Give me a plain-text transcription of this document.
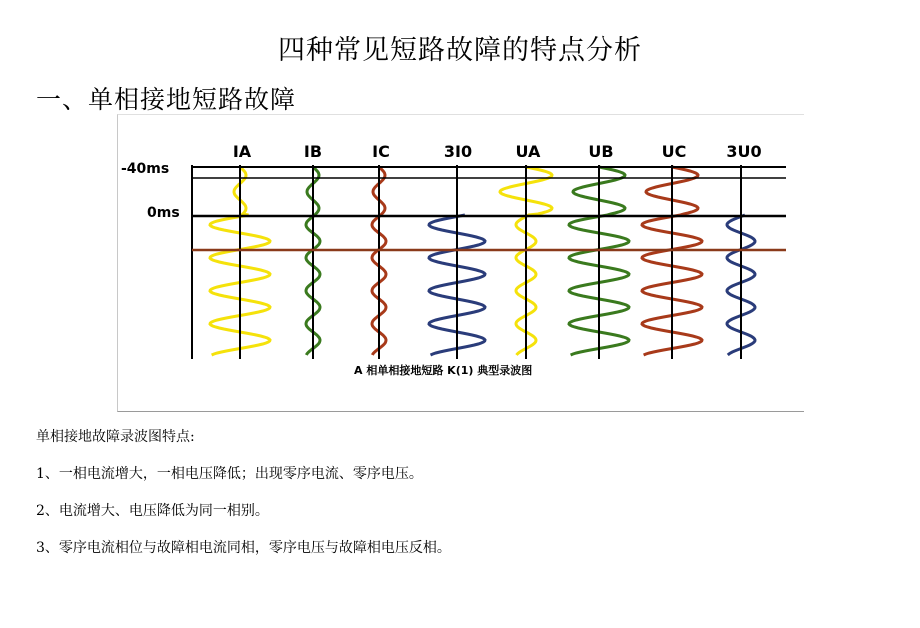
四种常见短路故障的特点分析
一、单相接地短路故障
IA	IB	IC	3I0	UA	UB	UC	3U0
-40ms
0ms
A 相单相接地短路 K(1) 典型录波图

单相接地故障录波图特点:

1、一相电流增大，一相电压降低；出现零序电流、零序电压。

2、电流增大、电压降低为同一相别。

3、零序电流相位与故障相电流同相，零序电压与故障相电压反相。
